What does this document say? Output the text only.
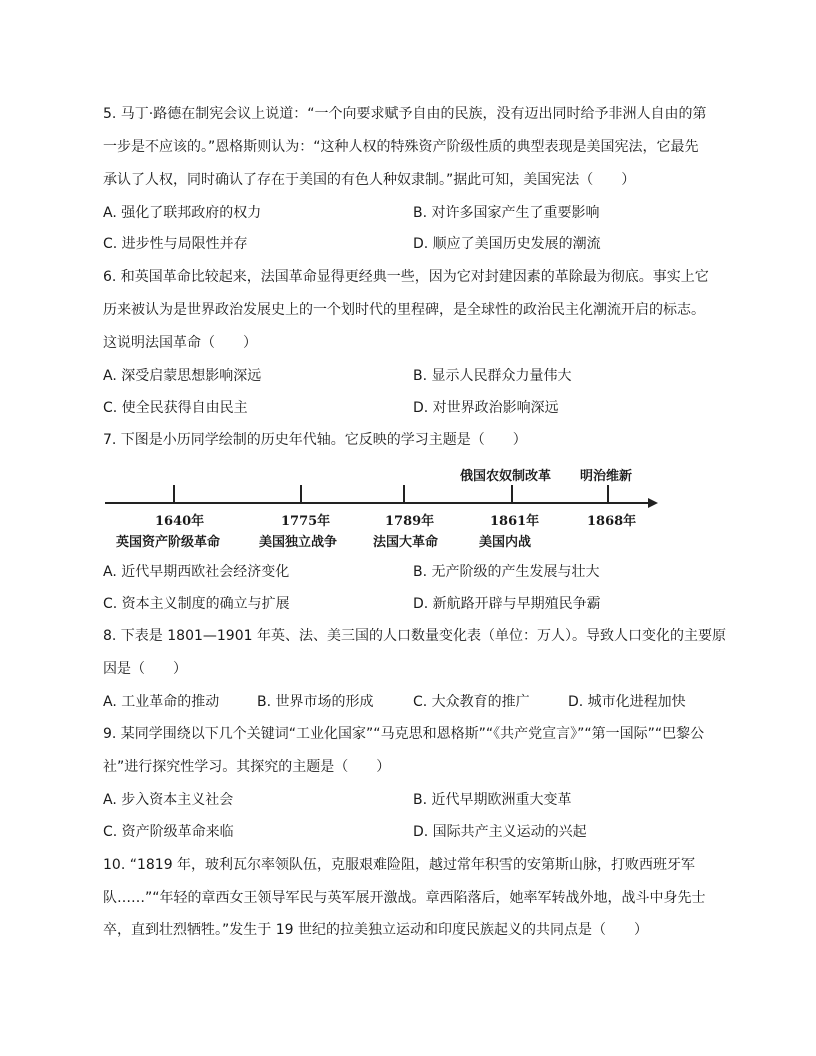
5. 马丁·路德在制宪会议上说道：“一个向要求赋予自由的民族，没有迈出同时给予非洲人自由的第
一步是不应该的。”恩格斯则认为：“这种人权的特殊资产阶级性质的典型表现是美国宪法，它最先
承认了人权，同时确认了存在于美国的有色人种奴隶制。”据此可知，美国宪法（　　）
A. 强化了联邦政府的权力	B. 对许多国家产生了重要影响
C. 进步性与局限性并存	D. 顺应了美国历史发展的潮流
6. 和英国革命比较起来，法国革命显得更经典一些，因为它对封建因素的革除最为彻底。事实上它
历来被认为是世界政治发展史上的一个划时代的里程碑，是全球性的政治民主化潮流开启的标志。
这说明法国革命（　　）
A. 深受启蒙思想影响深远	B. 显示人民群众力量伟大
C. 使全民获得自由民主	D. 对世界政治影响深远
7. 下图是小历同学绘制的历史年代轴。它反映的学习主题是（　　）
俄国农奴制改革 明治维新
1640年	1775年	1789年	1861年	1868年
英国资产阶级革命	美国独立战争	法国大革命	美国内战
A. 近代早期西欧社会经济变化	B. 无产阶级的产生发展与壮大
C. 资本主义制度的确立与扩展	D. 新航路开辟与早期殖民争霸
8. 下表是 1801—1901 年英、法、美三国的人口数量变化表（单位：万人）。导致人口变化的主要原
因是（　　）
A. 工业革命的推动	B. 世界市场的形成	C. 大众教育的推广	D. 城市化进程加快
9. 某同学围绕以下几个关键词“工业化国家”“马克思和恩格斯”“《共产党宣言》”“第一国际”“巴黎公
社”进行探究性学习。其探究的主题是（　　）
A. 步入资本主义社会	B. 近代早期欧洲重大变革
C. 资产阶级革命来临	D. 国际共产主义运动的兴起
10. “1819 年，玻利瓦尔率领队伍，克服艰难险阻，越过常年积雪的安第斯山脉，打败西班牙军
队……”“年轻的章西女王领导军民与英军展开激战。章西陷落后，她率军转战外地，战斗中身先士
卒，直到壮烈牺牲。”发生于 19 世纪的拉美独立运动和印度民族起义的共同点是（　　）
